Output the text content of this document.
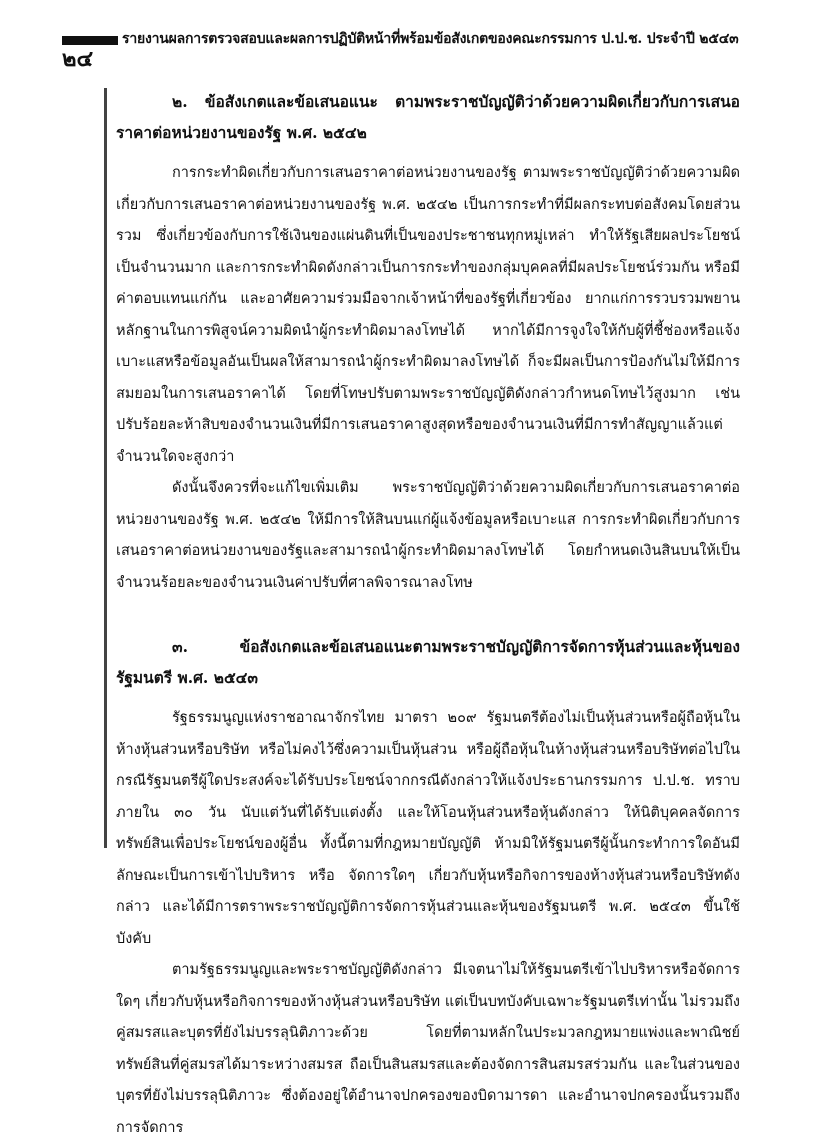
รายงานผลการตรวจสอบและผลการปฏิบัติหน้าที่พร้อมข้อสังเกตของคณะกรรมการ ป.ป.ช. ประจำปี ๒๕๔๓
๒๔

๒. ข้อสังเกตและข้อเสนอแนะ ตามพระราชบัญญัติว่าด้วยความผิดเกี่ยวกับการเสนอราคาต่อหน่วยงานของรัฐ พ.ศ. ๒๕๔๒

การกระทำผิดเกี่ยวกับการเสนอราคาต่อหน่วยงานของรัฐ ตามพระราชบัญญัติว่าด้วยความผิดเกี่ยวกับการเสนอราคาต่อหน่วยงานของรัฐ พ.ศ. ๒๕๔๒ เป็นการกระทำที่มีผลกระทบต่อสังคมโดยส่วนรวม ซึ่งเกี่ยวข้องกับการใช้เงินของแผ่นดินที่เป็นของประชาชนทุกหมู่เหล่า ทำให้รัฐเสียผลประโยชน์เป็นจำนวนมาก และการกระทำผิดดังกล่าวเป็นการกระทำของกลุ่มบุคคลที่มีผลประโยชน์ร่วมกัน หรือมีค่าตอบแทนแก่กัน และอาศัยความร่วมมือจากเจ้าหน้าที่ของรัฐที่เกี่ยวข้อง ยากแก่การรวบรวมพยานหลักฐานในการพิสูจน์ความผิดนำผู้กระทำผิดมาลงโทษได้ หากได้มีการจูงใจให้กับผู้ที่ชี้ช่องหรือแจ้งเบาะแสหรือข้อมูลอันเป็นผลให้สามารถนำผู้กระทำผิดมาลงโทษได้ ก็จะมีผลเป็นการป้องกันไม่ให้มีการสมยอมในการเสนอราคาได้ โดยที่โทษปรับตามพระราชบัญญัติดังกล่าวกำหนดโทษไว้สูงมาก เช่น ปรับร้อยละห้าสิบของจำนวนเงินที่มีการเสนอราคาสูงสุดหรือของจำนวนเงินที่มีการทำสัญญาแล้วแต่จำนวนใดจะสูงกว่า

ดังนั้นจึงควรที่จะแก้ไขเพิ่มเติม พระราชบัญญัติว่าด้วยความผิดเกี่ยวกับการเสนอราคาต่อหน่วยงานของรัฐ พ.ศ. ๒๕๔๒ ให้มีการให้สินบนแก่ผู้แจ้งข้อมูลหรือเบาะแส การกระทำผิดเกี่ยวกับการเสนอราคาต่อหน่วยงานของรัฐและสามารถนำผู้กระทำผิดมาลงโทษได้ โดยกำหนดเงินสินบนให้เป็นจำนวนร้อยละของจำนวนเงินค่าปรับที่ศาลพิจารณาลงโทษ

๓. ข้อสังเกตและข้อเสนอแนะตามพระราชบัญญัติการจัดการหุ้นส่วนและหุ้นของรัฐมนตรี พ.ศ. ๒๕๔๓

รัฐธรรมนูญแห่งราชอาณาจักรไทย มาตรา ๒๐๙ รัฐมนตรีต้องไม่เป็นหุ้นส่วนหรือผู้ถือหุ้นในห้างหุ้นส่วนหรือบริษัท หรือไม่คงไว้ซึ่งความเป็นหุ้นส่วน หรือผู้ถือหุ้นในห้างหุ้นส่วนหรือบริษัทต่อไปในกรณีรัฐมนตรีผู้ใดประสงค์จะได้รับประโยชน์จากกรณีดังกล่าวให้แจ้งประธานกรรมการ ป.ป.ช. ทราบภายใน ๓๐ วัน นับแต่วันที่ได้รับแต่งตั้ง และให้โอนหุ้นส่วนหรือหุ้นดังกล่าว ให้นิติบุคคลจัดการทรัพย์สินเพื่อประโยชน์ของผู้อื่น ทั้งนี้ตามที่กฎหมายบัญญัติ ห้ามมิให้รัฐมนตรีผู้นั้นกระทำการใดอันมีลักษณะเป็นการเข้าไปบริหาร หรือ จัดการใดๆ เกี่ยวกับหุ้นหรือกิจการของห้างหุ้นส่วนหรือบริษัทดังกล่าว และได้มีการตราพระราชบัญญัติการจัดการหุ้นส่วนและหุ้นของรัฐมนตรี พ.ศ. ๒๕๔๓ ขึ้นใช้บังคับ

ตามรัฐธรรมนูญและพระราชบัญญัติดังกล่าว มีเจตนาไม่ให้รัฐมนตรีเข้าไปบริหารหรือจัดการใดๆ เกี่ยวกับหุ้นหรือกิจการของห้างหุ้นส่วนหรือบริษัท แต่เป็นบทบังคับเฉพาะรัฐมนตรีเท่านั้น ไม่รวมถึงคู่สมรสและบุตรที่ยังไม่บรรลุนิติภาวะด้วย โดยที่ตามหลักในประมวลกฎหมายแพ่งและพาณิชย์ ทรัพย์สินที่คู่สมรสได้มาระหว่างสมรส ถือเป็นสินสมรสและต้องจัดการสินสมรสร่วมกัน และในส่วนของบุตรที่ยังไม่บรรลุนิติภาวะ ซึ่งต้องอยู่ใต้อำนาจปกครองของบิดามารดา และอำนาจปกครองนั้นรวมถึงการจัดการ
